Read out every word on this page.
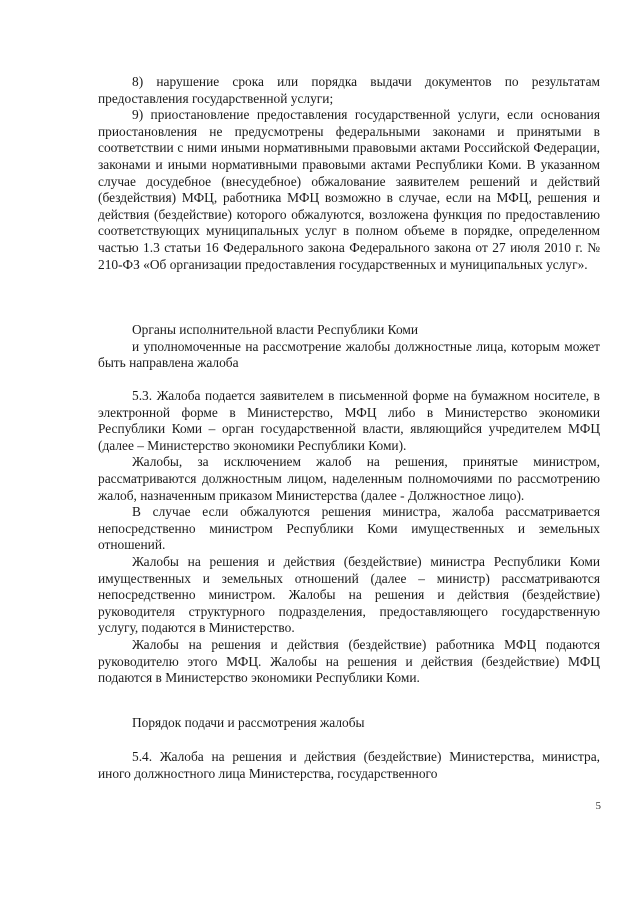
8) нарушение срока или порядка выдачи документов по результатам предоставления государственной услуги;

9) приостановление предоставления государственной услуги, если основания приостановления не предусмотрены федеральными законами и принятыми в соответствии с ними иными нормативными правовыми актами Российской Федерации, законами и иными нормативными правовыми актами Республики Коми. В указанном случае досудебное (внесудебное) обжалование заявителем решений и действий (бездействия) МФЦ, работника МФЦ возможно в случае, если на МФЦ, решения и действия (бездействие) которого обжалуются, возложена функция по предоставлению соответствующих муниципальных услуг в полном объеме в порядке, определенном частью 1.3 статьи 16 Федерального закона Федерального закона от 27 июля 2010 г. № 210-ФЗ «Об организации предоставления государственных и муниципальных услуг».

Органы исполнительной власти Республики Коми
и уполномоченные на рассмотрение жалобы должностные лица, которым может быть направлена жалоба

5.3. Жалоба подается заявителем в письменной форме на бумажном носителе, в электронной форме в Министерство, МФЦ либо в Министерство экономики Республики Коми – орган государственной власти, являющийся учредителем МФЦ (далее – Министерство экономики Республики Коми).

Жалобы, за исключением жалоб на решения, принятые министром, рассматриваются должностным лицом, наделенным полномочиями по рассмотрению жалоб, назначенным приказом Министерства (далее - Должностное лицо).

В случае если обжалуются решения министра, жалоба рассматривается непосредственно министром Республики Коми имущественных и земельных отношений.

Жалобы на решения и действия (бездействие) министра Республики Коми имущественных и земельных отношений (далее – министр) рассматриваются непосредственно министром. Жалобы на решения и действия (бездействие) руководителя структурного подразделения, предоставляющего государственную услугу, подаются в Министерство.

Жалобы на решения и действия (бездействие) работника МФЦ подаются руководителю этого МФЦ. Жалобы на решения и действия (бездействие) МФЦ подаются в Министерство экономики Республики Коми.

Порядок подачи и рассмотрения жалобы

5.4. Жалоба на решения и действия (бездействие) Министерства, министра, иного должностного лица Министерства, государственного

5
